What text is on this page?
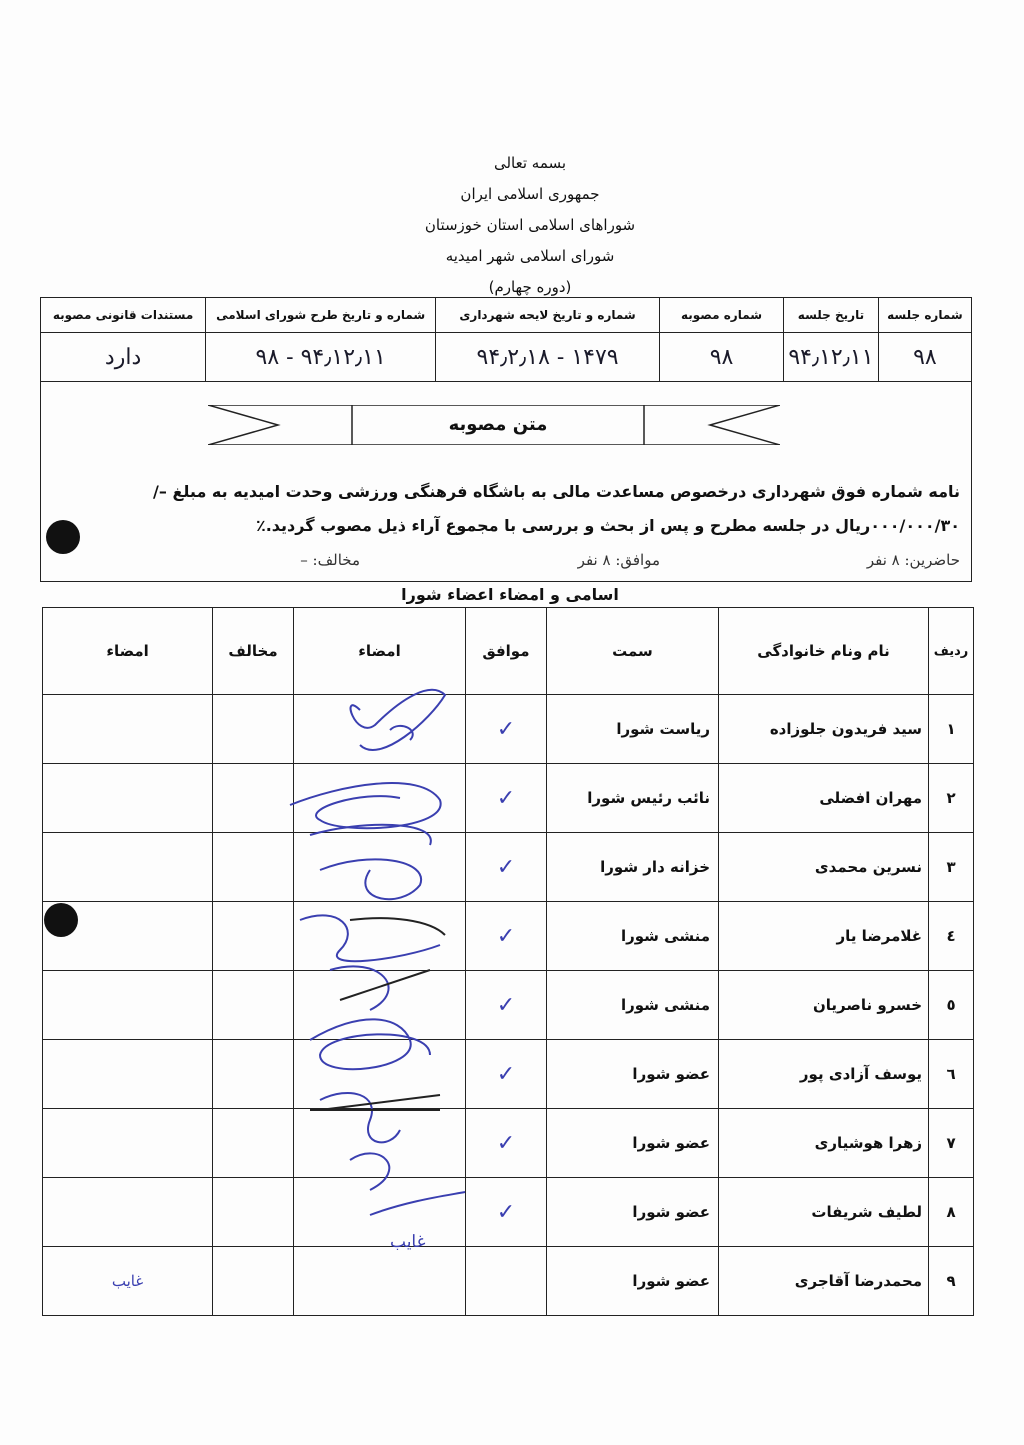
بسمه تعالی
جمهوری اسلامی ایران
شوراهای اسلامی استان خوزستان
شورای اسلامی شهر امیدیه
(دوره چهارم)
شماره جلسه	تاریخ جلسه	شماره مصوبه	شماره و تاریخ لایحه شهرداری	شماره و تاریخ طرح شورای اسلامی	مستندات قانونی مصوبه
۹۸	۹۴٫۱۲٫۱۱	۹۸	۱۴۷۹ - ۹۴٫۲٫۱۸	۹۴٫۱۲٫۱۱ - ۹۸	دارد
متن مصوبه
نامه شماره فوق شهرداری درخصوص مساعدت مالی به باشگاه فرهنگی ورزشی وحدت امیدیه به مبلغ –/۰۰۰/۰۰۰/۳۰ریال در جلسه مطرح و پس از بحث و بررسی با مجموع آراء ذیل مصوب گردید.٪
حاضرین: ۸ نفر
موافق: ۸ نفر
مخالف: –
اسامی و امضاء اعضاء شورا
ردیف	نام ونام خانوادگی	سمت	موافق	امضاء	مخالف	امضاء
۱	سید فریدون جلوزاده	ریاست شورا	✓			
۲	مهران افضلی	نائب رئیس شورا	✓			
۳	نسرین محمدی	خزانه دار شورا	✓			
٤	غلامرضا یار	منشی شورا	✓			
٥	خسرو ناصریان	منشی شورا	✓			
٦	یوسف آزادی پور	عضو شورا	✓			
٧	زهرا هوشیاری	عضو شورا	✓			
٨	لطیف شریفات	عضو شورا	✓			
٩	محمدرضا آقاجری	عضو شورا				غایب
غایب
